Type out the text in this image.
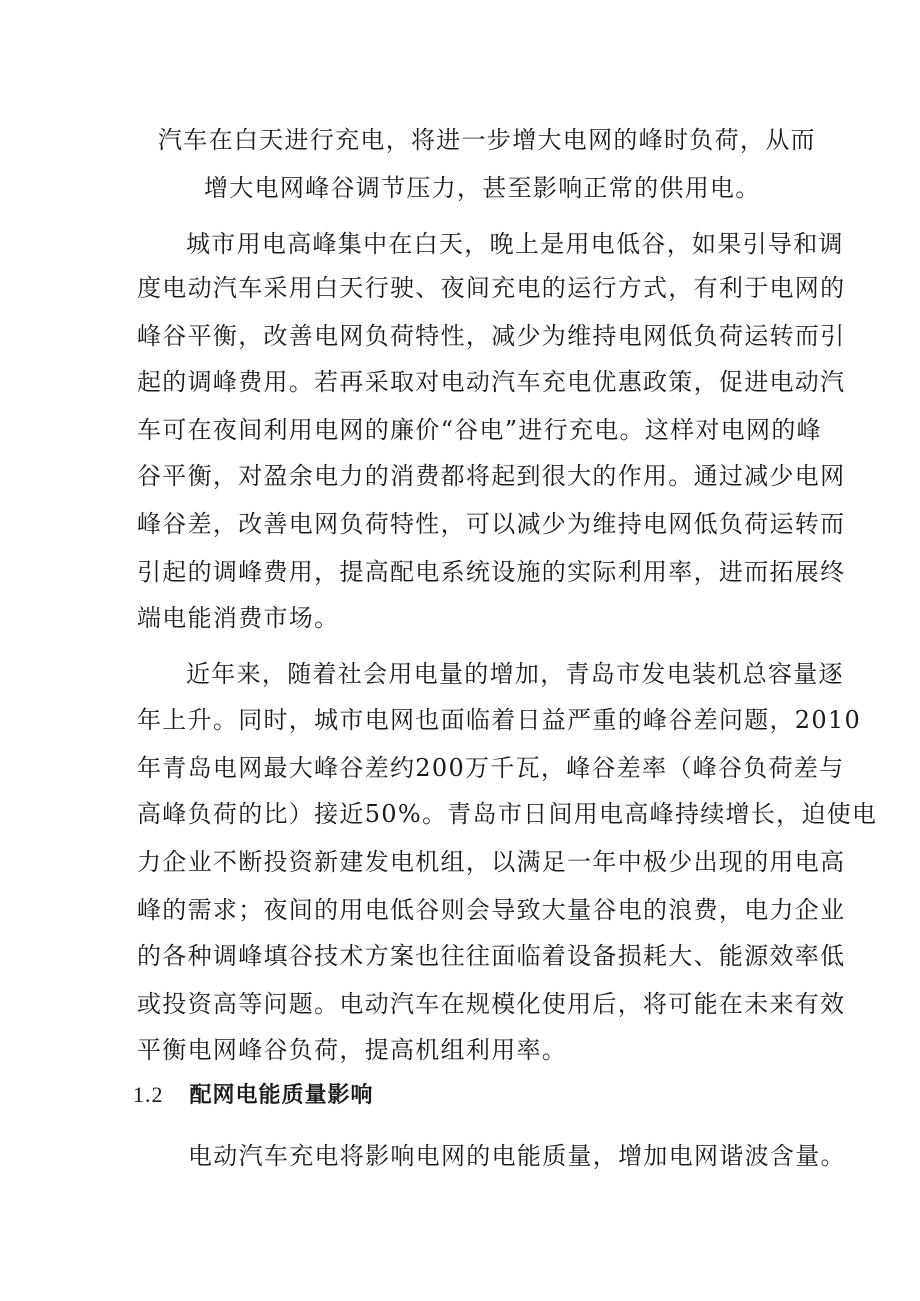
汽车在白天进行充电，将进一步增大电网的峰时负荷，从而
增大电网峰谷调节压力，甚至影响正常的供用电。
城市用电高峰集中在白天，晚上是用电低谷，如果引导和调
度电动汽车采用白天行驶、夜间充电的运行方式，有利于电网的
峰谷平衡，改善电网负荷特性，减少为维持电网低负荷运转而引
起的调峰费用。若再采取对电动汽车充电优惠政策，促进电动汽
车可在夜间利用电网的廉价“谷电”进行充电。这样对电网的峰
谷平衡，对盈余电力的消费都将起到很大的作用。通过减少电网
峰谷差，改善电网负荷特性，可以减少为维持电网低负荷运转而
引起的调峰费用，提高配电系统设施的实际利用率，进而拓展终
端电能消费市场。
近年来，随着社会用电量的增加，青岛市发电装机总容量逐
年上升。同时，城市电网也面临着日益严重的峰谷差问题，2010
年青岛电网最大峰谷差约200万千瓦，峰谷差率（峰谷负荷差与
高峰负荷的比）接近50%。青岛市日间用电高峰持续增长，迫使电
力企业不断投资新建发电机组，以满足一年中极少出现的用电高
峰的需求；夜间的用电低谷则会导致大量谷电的浪费，电力企业
的各种调峰填谷技术方案也往往面临着设备损耗大、能源效率低
或投资高等问题。电动汽车在规模化使用后，将可能在未来有效
平衡电网峰谷负荷，提高机组利用率。
1.2 配网电能质量影响
电动汽车充电将影响电网的电能质量，增加电网谐波含量。
